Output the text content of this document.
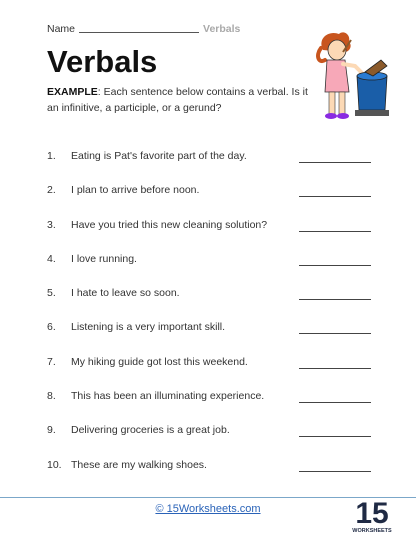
Name	Verbals
Verbals
EXAMPLE: Each sentence below contains a verbal. Is it an infinitive, a participle, or a gerund?
1. Eating is Pat's favorite part of the day.
2. I plan to arrive before noon.
3. Have you tried this new cleaning solution?
4. I love running.
5. I hate to leave so soon.
6. Listening is a very important skill.
7. My hiking guide got lost this weekend.
8. This has been an illuminating experience.
9. Delivering groceries is a great job.
10. These are my walking shoes.
© 15Worksheets.com	15
WORKSHEETS
